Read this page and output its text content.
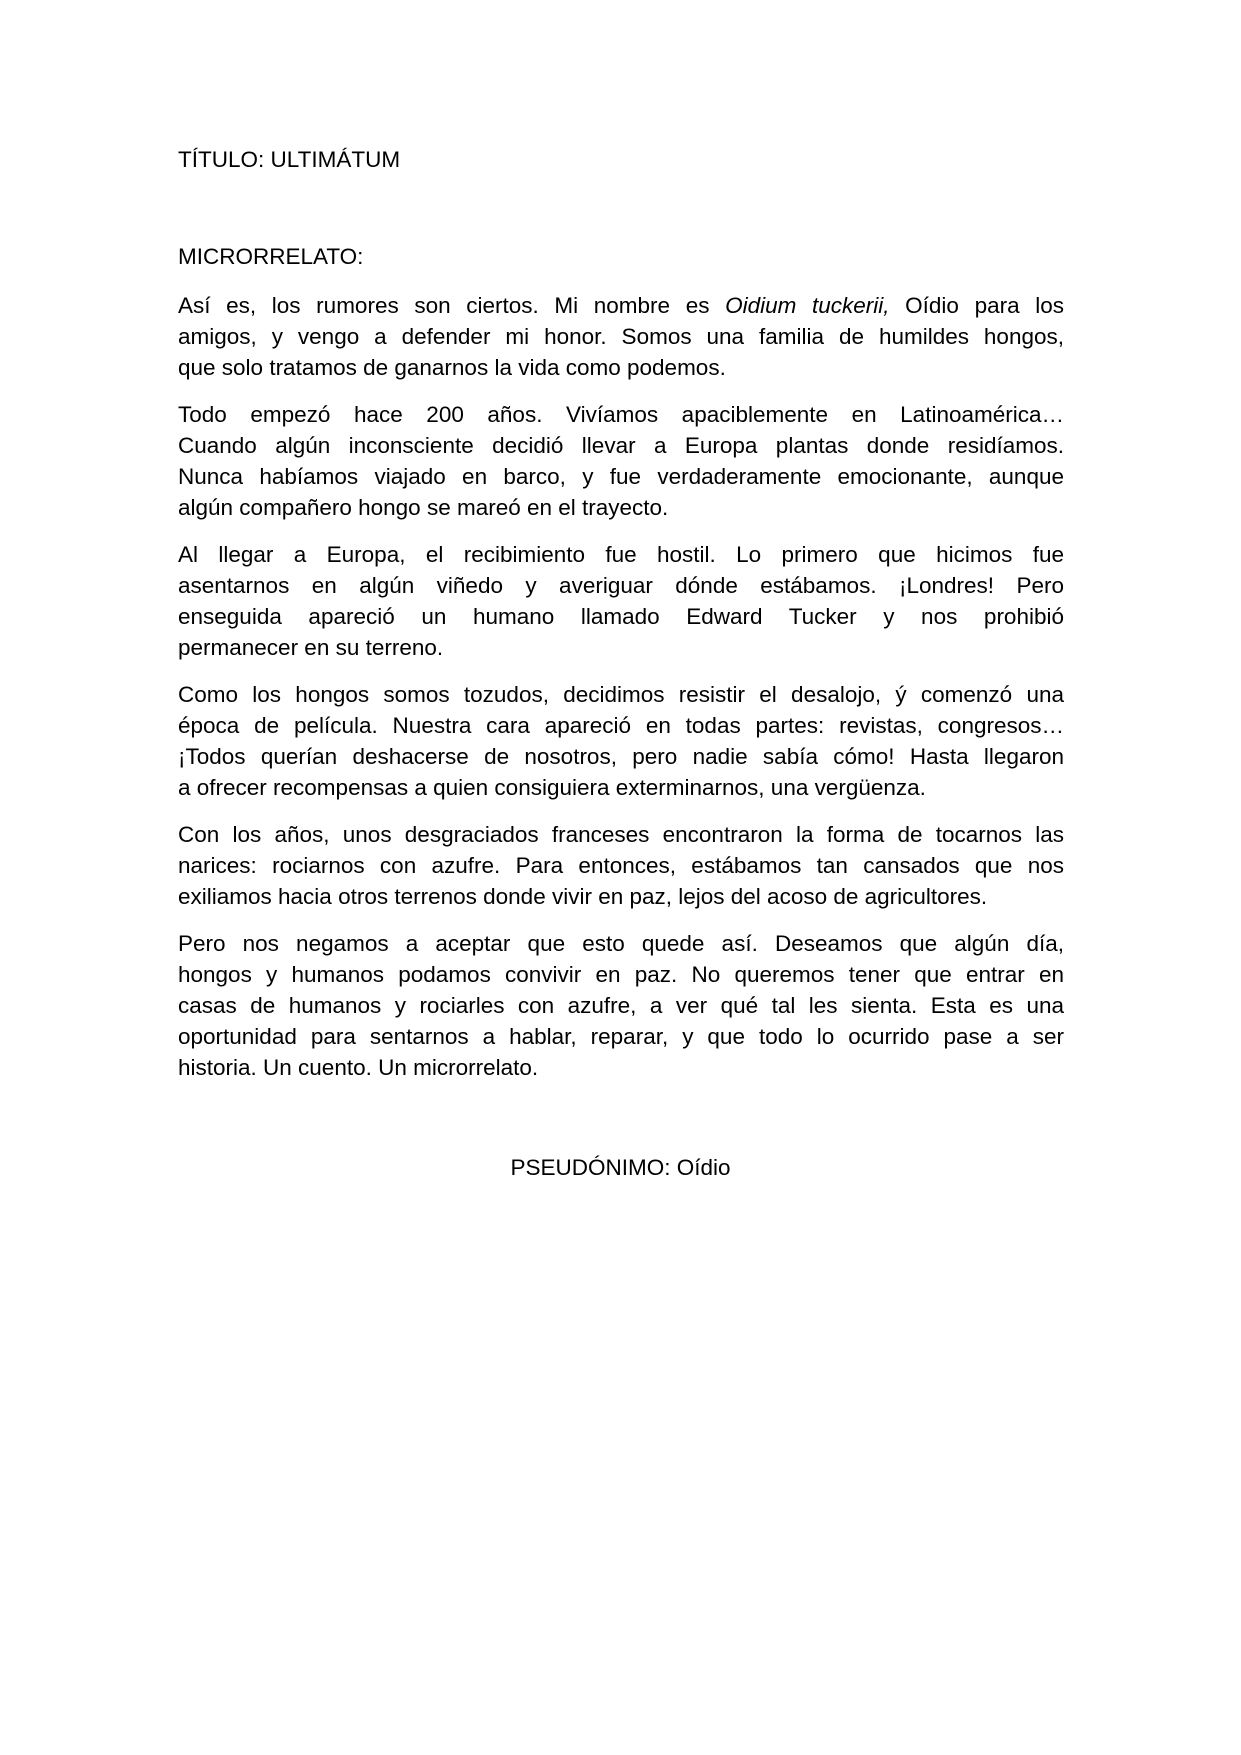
TÍTULO: ULTIMÁTUM
MICRORRELATO:

Así es, los rumores son ciertos. Mi nombre es Oidium tuckerii, Oídio para los
amigos, y vengo a defender mi honor. Somos una familia de humildes hongos,
que solo tratamos de ganarnos la vida como podemos.

Todo empezó hace 200 años. Vivíamos apaciblemente en Latinoamérica…
Cuando algún inconsciente decidió llevar a Europa plantas donde residíamos.
Nunca habíamos viajado en barco, y fue verdaderamente emocionante, aunque
algún compañero hongo se mareó en el trayecto.

Al llegar a Europa, el recibimiento fue hostil. Lo primero que hicimos fue
asentarnos en algún viñedo y averiguar dónde estábamos. ¡Londres! Pero
enseguida apareció un humano llamado Edward Tucker y nos prohibió
permanecer en su terreno.

Como los hongos somos tozudos, decidimos resistir el desalojo, ý comenzó una
época de película. Nuestra cara apareció en todas partes: revistas, congresos…
¡Todos querían deshacerse de nosotros, pero nadie sabía cómo! Hasta llegaron
a ofrecer recompensas a quien consiguiera exterminarnos, una vergüenza.

Con los años, unos desgraciados franceses encontraron la forma de tocarnos las
narices: rociarnos con azufre. Para entonces, estábamos tan cansados que nos
exiliamos hacia otros terrenos donde vivir en paz, lejos del acoso de agricultores.

Pero nos negamos a aceptar que esto quede así. Deseamos que algún día,
hongos y humanos podamos convivir en paz. No queremos tener que entrar en
casas de humanos y rociarles con azufre, a ver qué tal les sienta. Esta es una
oportunidad para sentarnos a hablar, reparar, y que todo lo ocurrido pase a ser
historia. Un cuento. Un microrrelato.

PSEUDÓNIMO: Oídio
